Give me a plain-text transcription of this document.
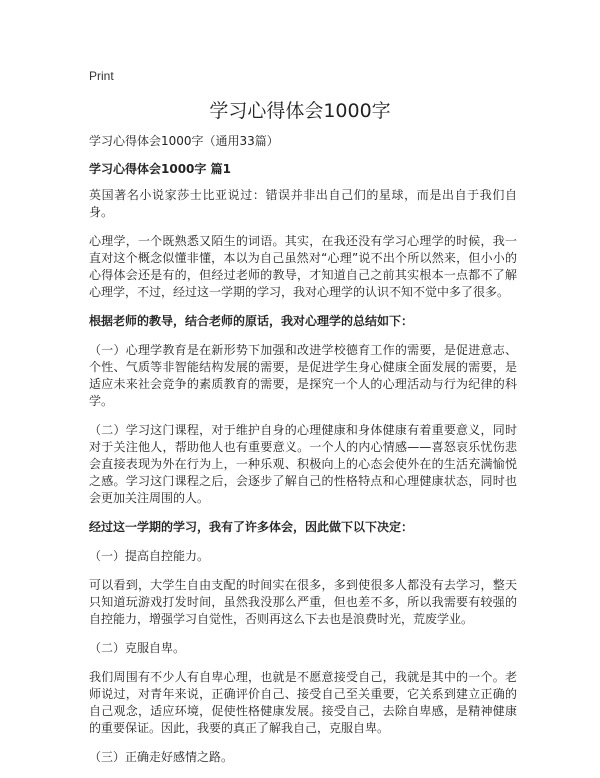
Print
学习心得体会1000字
学习心得体会1000字（通用33篇）
学习心得体会1000字 篇1

英国著名小说家莎士比亚说过：错误并非出自己们的星球，而是出自于我们自身。

心理学，一个既熟悉又陌生的词语。其实，在我还没有学习心理学的时候，我一直对这个概念似懂非懂，本以为自己虽然对“心理”说不出个所以然来，但小小的心得体会还是有的，但经过老师的教导，才知道自己之前其实根本一点都不了解心理学，不过，经过这一学期的学习，我对心理学的认识不知不觉中多了很多。

根据老师的教导，结合老师的原话，我对心理学的总结如下：

（一）心理学教育是在新形势下加强和改进学校德育工作的需要，是促进意志、个性、气质等非智能结构发展的需要，是促进学生身心健康全面发展的需要，是适应未来社会竞争的素质教育的需要，是探究一个人的心理活动与行为纪律的科学。

（二）学习这门课程，对于维护自身的心理健康和身体健康有着重要意义，同时对于关注他人，帮助他人也有重要意义。一个人的内心情感——喜怒哀乐忧伤悲会直接表现为外在行为上，一种乐观、积极向上的心态会使外在的生活充满愉悦之感。学习这门课程之后，会逐步了解自己的性格特点和心理健康状态，同时也会更加关注周围的人。

经过这一学期的学习，我有了许多体会，因此做下以下决定：

（一）提高自控能力。

可以看到，大学生自由支配的时间实在很多，多到使很多人都没有去学习，整天只知道玩游戏打发时间，虽然我没那么严重，但也差不多，所以我需要有较强的自控能力，增强学习自觉性，否则再这么下去也是浪费时光，荒废学业。

（二）克服自卑。

我们周围有不少人有自卑心理，也就是不愿意接受自己，我就是其中的一个。老师说过，对青年来说，正确评价自己、接受自己至关重要，它关系到建立正确的自己观念，适应环境，促使性格健康发展。接受自己，去除自卑感，是精神健康的重要保证。因此，我要的真正了解我自己，克服自卑。

（三）正确走好感情之路。
